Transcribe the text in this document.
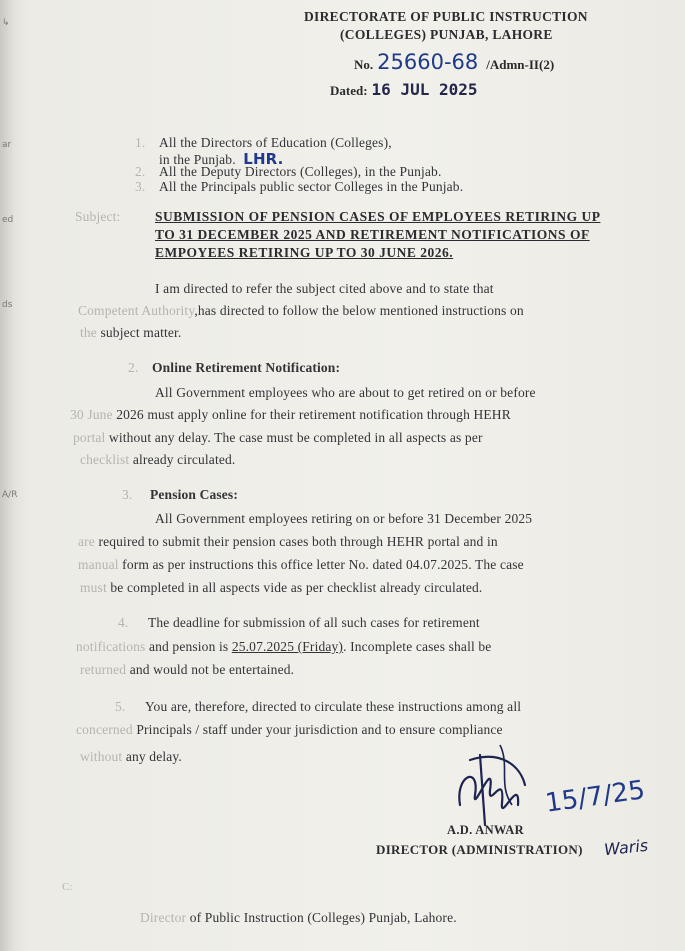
↳
ar
ed
ds
A/R
DIRECTORATE OF PUBLIC INSTRUCTION
(COLLEGES) PUNJAB, LAHORE
No. 25660-68 /Admn-II(2)
Dated: 16 JUL 2025
1. All the Directors of Education (Colleges),
in the Punjab. LHR.
2. All the Deputy Directors (Colleges), in the Punjab.
3. All the Principals public sector Colleges in the Punjab.
Subject:	SUBMISSION OF PENSION CASES OF EMPLOYEES RETIRING UP
TO 31 DECEMBER 2025 AND RETIREMENT NOTIFICATIONS OF
EMPOYEES RETIRING UP TO 30 JUNE 2026.
I am directed to refer the subject cited above and to state that
Competent Authority,has directed to follow the below mentioned instructions on
the subject matter.
2. Online Retirement Notification:
All Government employees who are about to get retired on or before
30 June 2026 must apply online for their retirement notification through HEHR
portal without any delay. The case must be completed in all aspects as per
checklist already circulated.
3. Pension Cases:
All Government employees retiring on or before 31 December 2025
are required to submit their pension cases both through HEHR portal and in
manual form as per instructions this office letter No. dated 04.07.2025. The case
must be completed in all aspects vide as per checklist already circulated.
4. The deadline for submission of all such cases for retirement
notifications and pension is 25.07.2025 (Friday). Incomplete cases shall be
returned and would not be entertained.
5. You are, therefore, directed to circulate these instructions among all
concerned Principals / staff under your jurisdiction and to ensure compliance
without any delay.
15/7/25
A.D. ANWAR
DIRECTOR (ADMINISTRATION) Waris
C:
Director of Public Instruction (Colleges) Punjab, Lahore.
